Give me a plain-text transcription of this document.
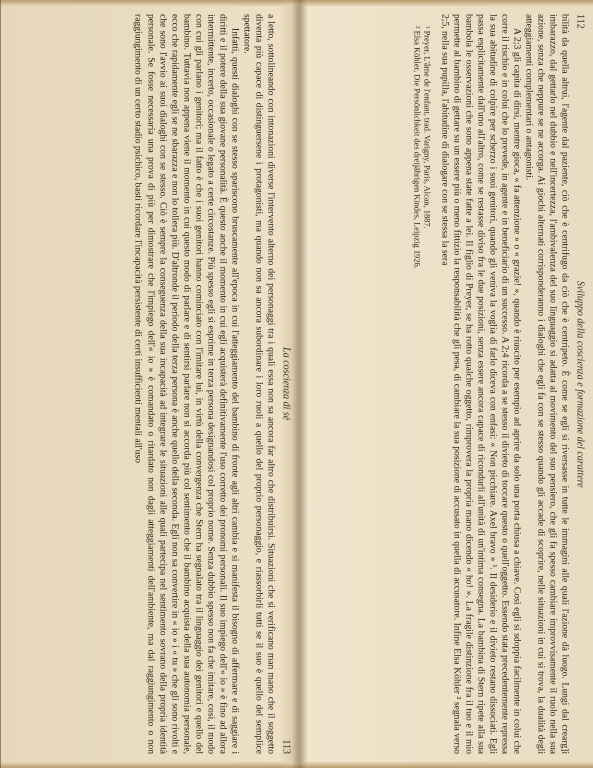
112
Sviluppo della coscienza e formazione del carattere

bilità da quella altrui, l'agente dal paziente, ciò che è centrifugo da ciò che è centripeto. È come se egli si riversasse in tutte le immagini alle quali l'azione dà luogo. Lungi dal crearg]i imbarazzo, dal gettarlo nel dubbio e nell'incertezza, l'ambivalenza del suo linguaggio si adatta al movimento del suo pensiero, che gli fa spesso cambiare improvvisamente il ruolo nella sua azione, senza che neppure se ne accorga. Ai giochi alternati corrisponderanno i dialoghi che egli fa con se stesso quando gli accade di scoprire, nelle situazioni in cui si trova, la dualità degli atteggiamenti complementari o antagonisti.

A 2;3 gli capita di dirsi, mentre gioca, « fa attenzione » o « grazie! », quando è riuscito per esempio ad aprire da solo una porta chiusa a chiave. Così egli si sdoppia facilmente in colui che corre il rischio e in colui che lo prevede, in agente e in beneficiario di un successo. A 2;4 ricorda a se stesso il divieto di toccare questo o quell'oggetto. Essendo stata precedentemente repressa la sua abitudine di colpire per scherzo i suoi genitori, quando gli veniva la voglia di farlo diceva con enfasi: « Non picchiare. Axel bravo » ¹. Il desiderio e il divieto restano dissociati. Egli passa esplicitamente dall'uno all'altro, come se restasse diviso fra le due posizioni, senza essere ancora capace di ricondurli all'unità di un'intima consegna. La bambina di Stern ripete alla sua bambola le osservazioni che sono appena state fatte a lei. Il figlio di Preyer, se ha rotto qualche oggetto, rimprovera la propria mano dicendo « ho! ». La fragile distinzione fra il tuo e il mio permette al bambino di gettare su un essere più o meno fittizio la responsabilità che gli pesa, di cambiare la sua posizione di accusato in quella di accusatore. Infine Elsa Köhler ² segnala verso 2;5, nella sua pupilla, l'abitudine di dialogare con se stessa la sera

¹ Preyer, L'âme de l'enfant, trad. Varigny, Paris, Alcan, 1887.
² Elsa Köhler, Die Persönlichkeit des dreijährigen Kindes, Leipzig 1926.
La coscienza di sé
113

a letto, sottolineando con intonazioni diverse l'intervento alterno dei personaggi tra i quali essa non sa ancora far altro che distribuirsi. Situazioni che si verificano man mano che il soggetto diventa più capace di distinguersene i protagonisti, ma quando non sa ancora subordinare i loro ruoli a quello del proprio personaggio, e riassorbirli tutti se il suo è quello del semplice spettatore.

Infatti, questi dialoghi con se stesso spariscono bruscamente all'epoca in cui l'atteggiamento del bambino di fronte agli altri cambia e si manifesta il bisogno di affermare e di saggiare i diritti e il potere della sua giovane personalità. È questo anche il momento in cui egli acquisterà definitivamente l'uso corretto dei pronomi personali. Il suo impiego dell'« io » è fino ad allora intermittente, incerto, occasionale o legato a certe circostanze. Più spesso egli si esprime in terza persona designandosi col proprio nome. Senza dubbio spesso non fa che imitare, così, il modo con cui gli parlano i genitori; ma il fatto è che i suoi genitori hanno cominciato con l'imitare lui, in virtù della convergenza che Stern ha segnalato tra il linguaggio dei genitori e quello del bambino. Tuttavia non appena viene il momento in cui questo modo di parlare e di sentirsi parlare non si accorda più col sentimento che il bambino acquista della sua autonomia personale, ecco che rapidamente egli se ne sbarazza e non lo tollera più. D'altronde il periodo della terza persona è anche quello della seconda. Egli non sa convertire in « io » i « tu » che gli sono rivolti e che sono l'avvio ai suoi dialoghi con se stesso. Ciò è sempre la conseguenza della sua incapacità ad integrare le situazioni alle quali partecipa nel sentimento sovrano della propria identità personale. Se fosse necessaria una prova di più per dimostrare che l'impiego dell'« io » è comandato o ritardato non dagli atteggiamenti dell'ambiente, ma dal raggiungimento o non raggiungimento di un certo stadio psichico, basti ricordare l'incapacità persistente di certi insufficienti mentali all'uso
